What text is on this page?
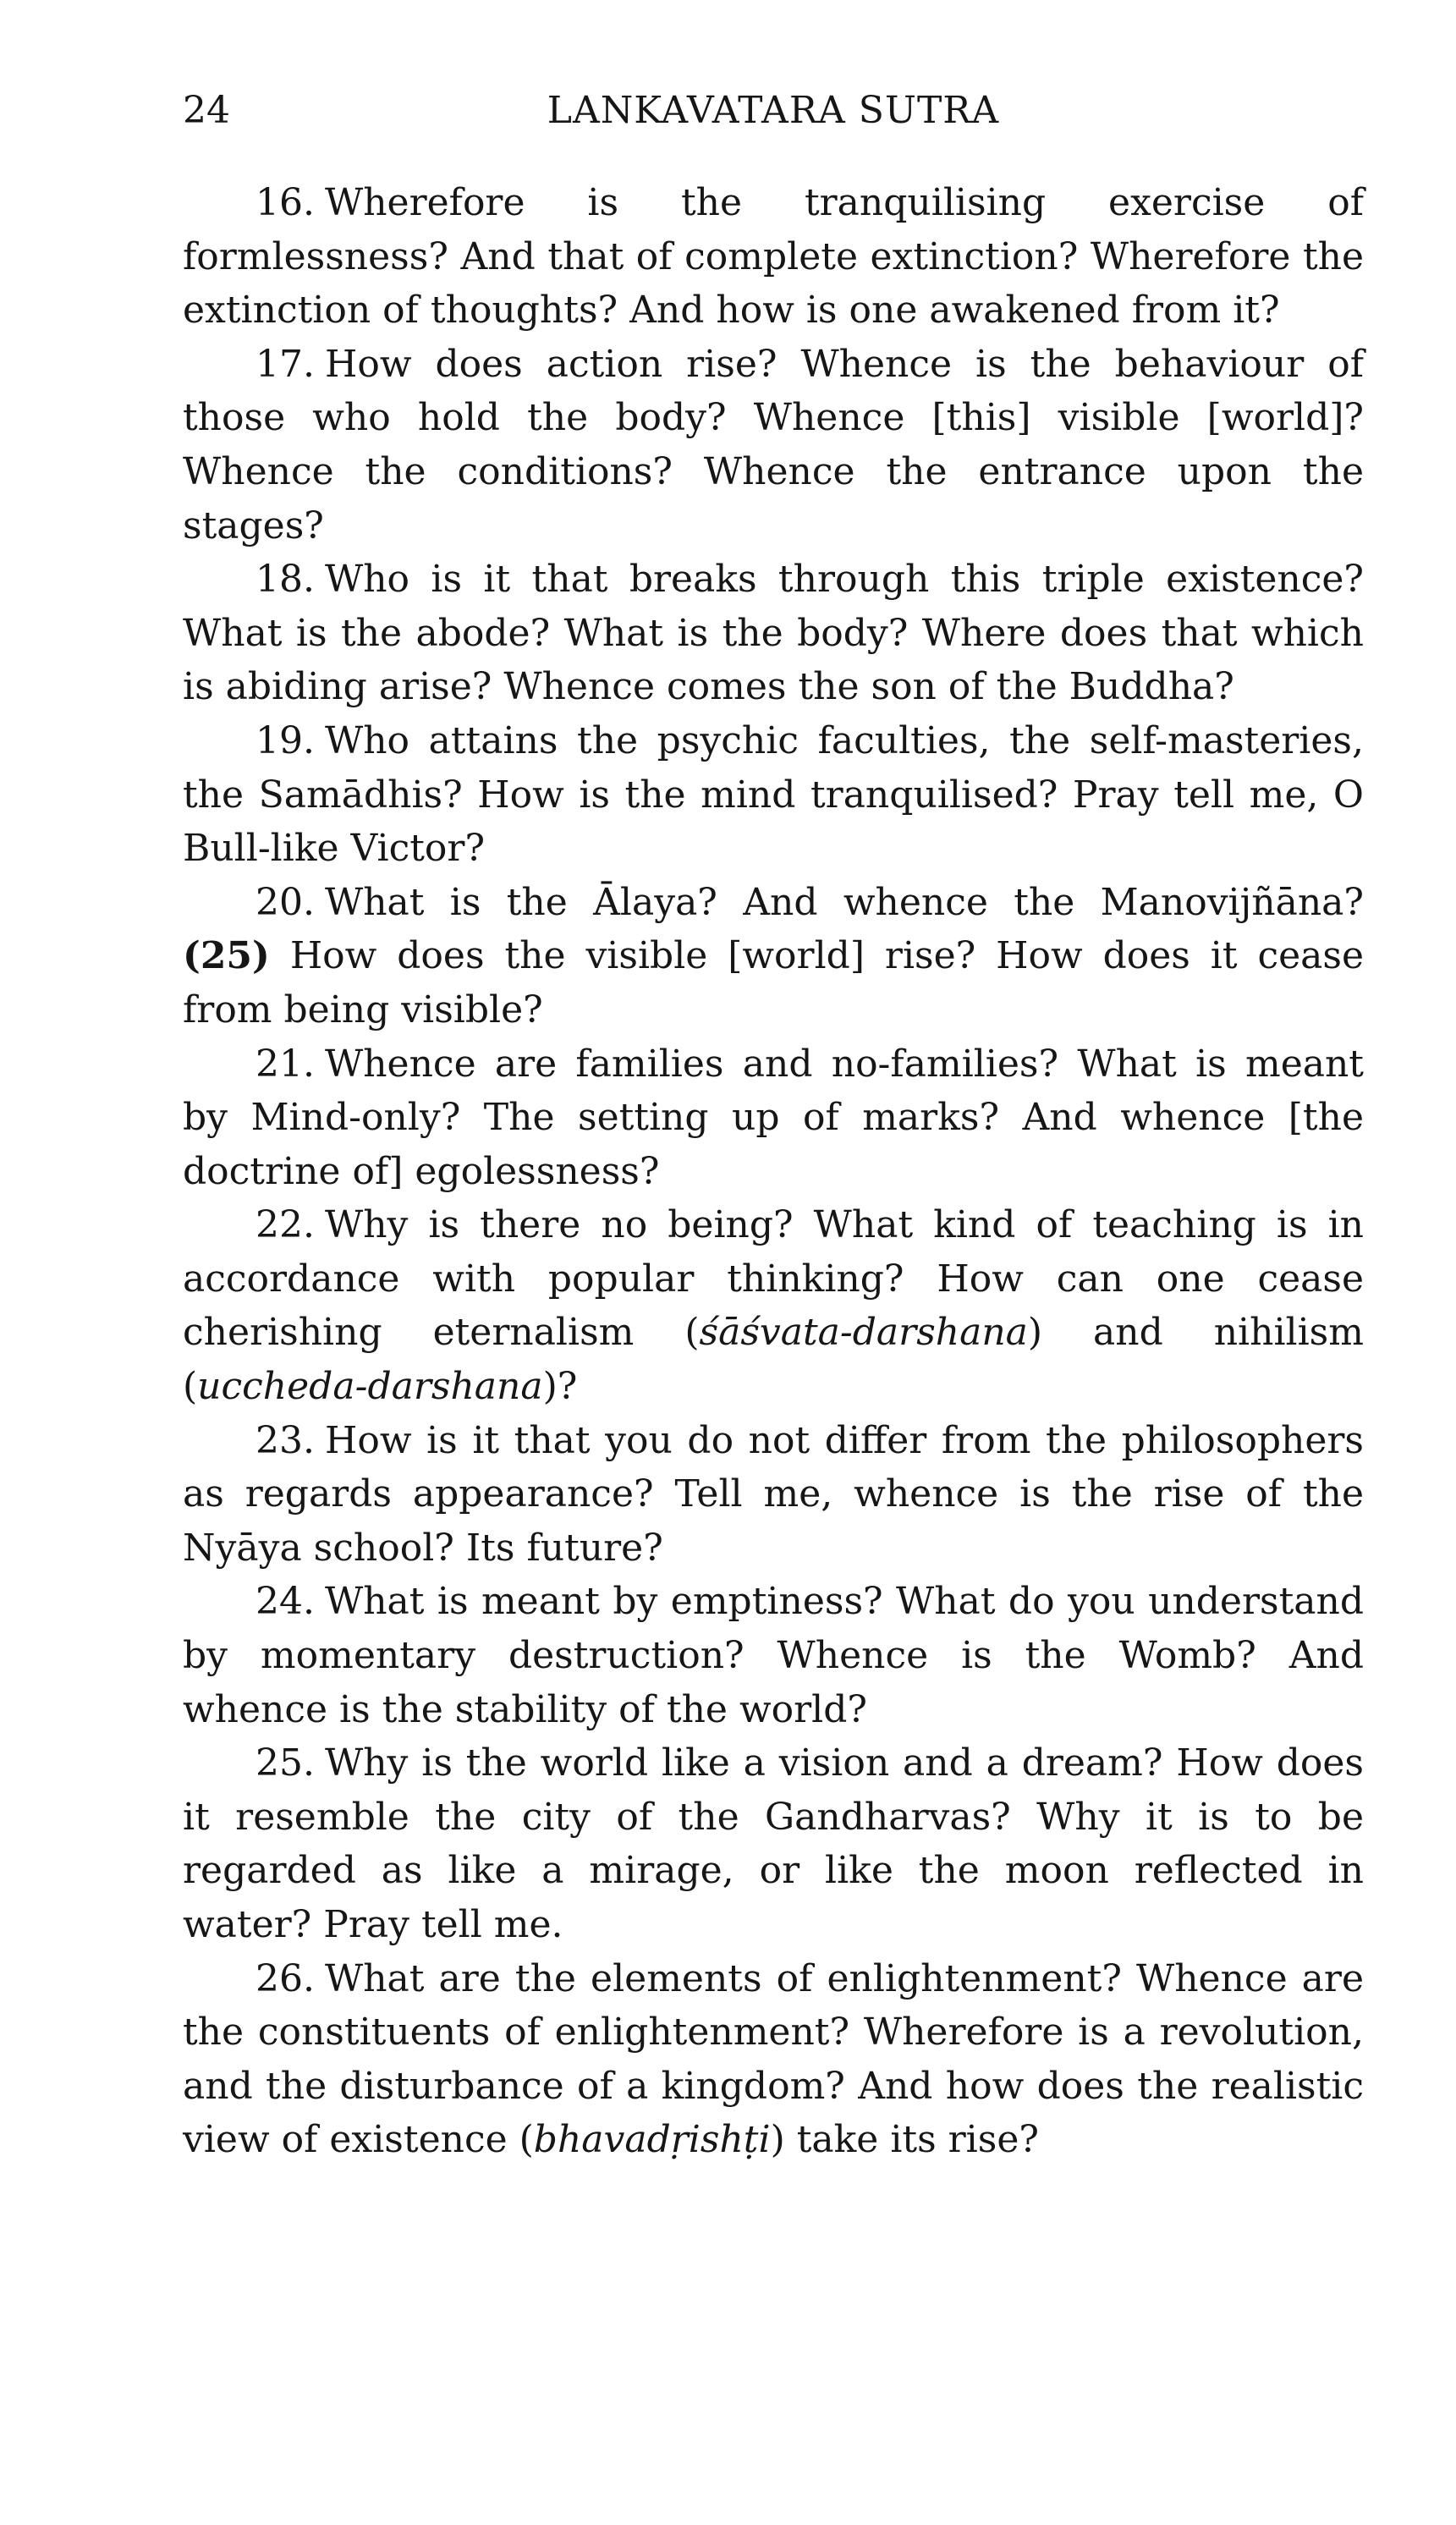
24	LANKAVATARA SUTRA

16. Wherefore is the tranquilising exercise of formlessness? And that of complete extinction? Wherefore the extinction of thoughts? And how is one awakened from it?

17. How does action rise? Whence is the behaviour of those who hold the body? Whence [this] visible [world]? Whence the conditions? Whence the entrance upon the stages?

18. Who is it that breaks through this triple existence? What is the abode? What is the body? Where does that which is abiding arise? Whence comes the son of the Buddha?

19. Who attains the psychic faculties, the self-masteries, the Samādhis? How is the mind tranquilised? Pray tell me, O Bull-like Victor?

20. What is the Ālaya? And whence the Manovijñāna? (25) How does the visible [world] rise? How does it cease from being visible?

21. Whence are families and no-families? What is meant by Mind-only? The setting up of marks? And whence [the doctrine of] egolessness?

22. Why is there no being? What kind of teaching is in accordance with popular thinking? How can one cease cherishing eternalism (śāśvata-darshana) and nihilism (uccheda-darshana)?

23. How is it that you do not differ from the philosophers as regards appearance? Tell me, whence is the rise of the Nyāya school? Its future?

24. What is meant by emptiness? What do you understand by momentary destruction? Whence is the Womb? And whence is the stability of the world?

25. Why is the world like a vision and a dream? How does it resemble the city of the Gandharvas? Why it is to be regarded as like a mirage, or like the moon reflected in water? Pray tell me.

26. What are the elements of enlightenment? Whence are the constituents of enlightenment? Wherefore is a revolution, and the disturbance of a kingdom? And how does the realistic view of existence (bhavadṛishṭi) take its rise?
